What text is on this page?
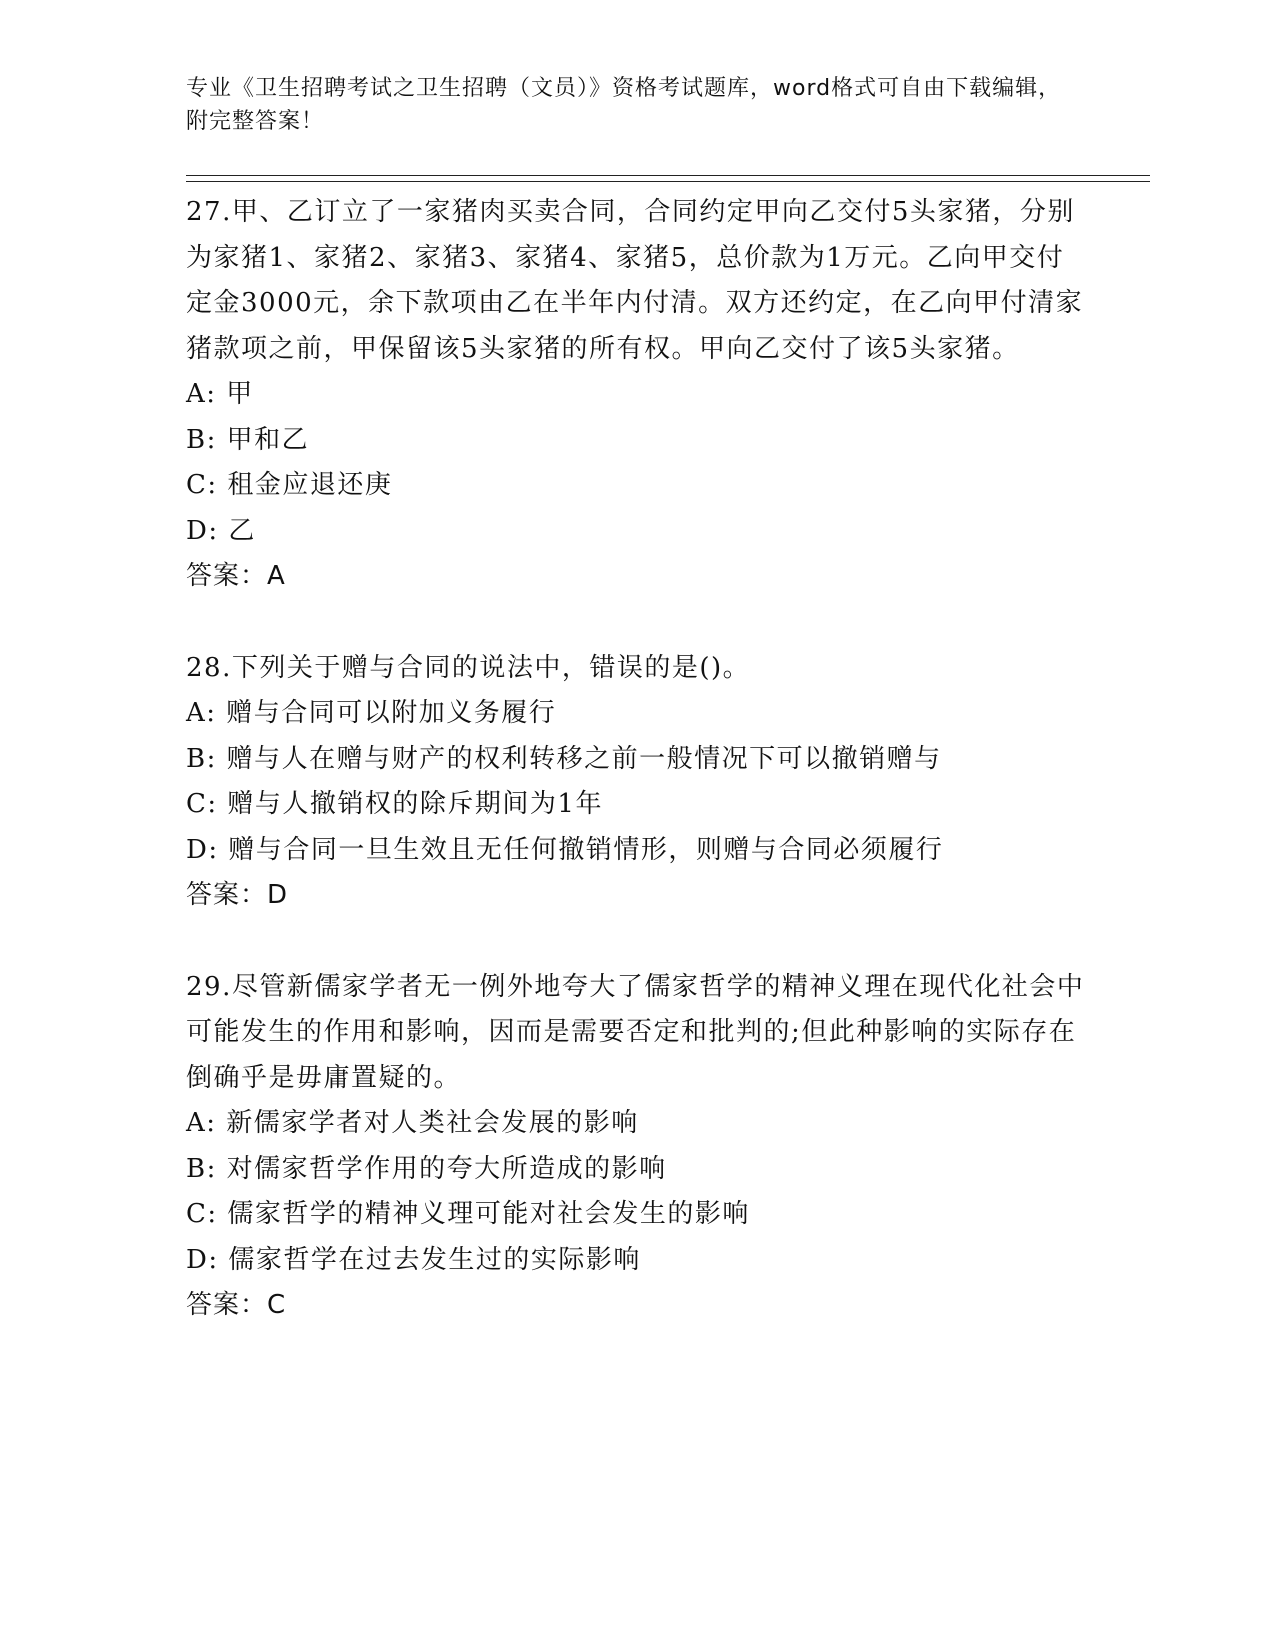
专业《卫生招聘考试之卫生招聘（文员）》资格考试题库，word格式可自由下载编辑，附完整答案！

27.甲、乙订立了一家猪肉买卖合同，合同约定甲向乙交付5头家猪，分别为家猪1、家猪2、家猪3、家猪4、家猪5，总价款为1万元。乙向甲交付定金3000元，余下款项由乙在半年内付清。双方还约定，在乙向甲付清家猪款项之前，甲保留该5头家猪的所有权。甲向乙交付了该5头家猪。

A: 甲

B: 甲和乙

C: 租金应退还庚

D: 乙

答案：A

28.下列关于赠与合同的说法中，错误的是()。

A: 赠与合同可以附加义务履行

B: 赠与人在赠与财产的权利转移之前一般情况下可以撤销赠与

C: 赠与人撤销权的除斥期间为1年

D: 赠与合同一旦生效且无任何撤销情形，则赠与合同必须履行

答案：D

29.尽管新儒家学者无一例外地夸大了儒家哲学的精神义理在现代化社会中可能发生的作用和影响，因而是需要否定和批判的;但此种影响的实际存在倒确乎是毋庸置疑的。

A: 新儒家学者对人类社会发展的影响

B: 对儒家哲学作用的夸大所造成的影响

C: 儒家哲学的精神义理可能对社会发生的影响

D: 儒家哲学在过去发生过的实际影响

答案：C
